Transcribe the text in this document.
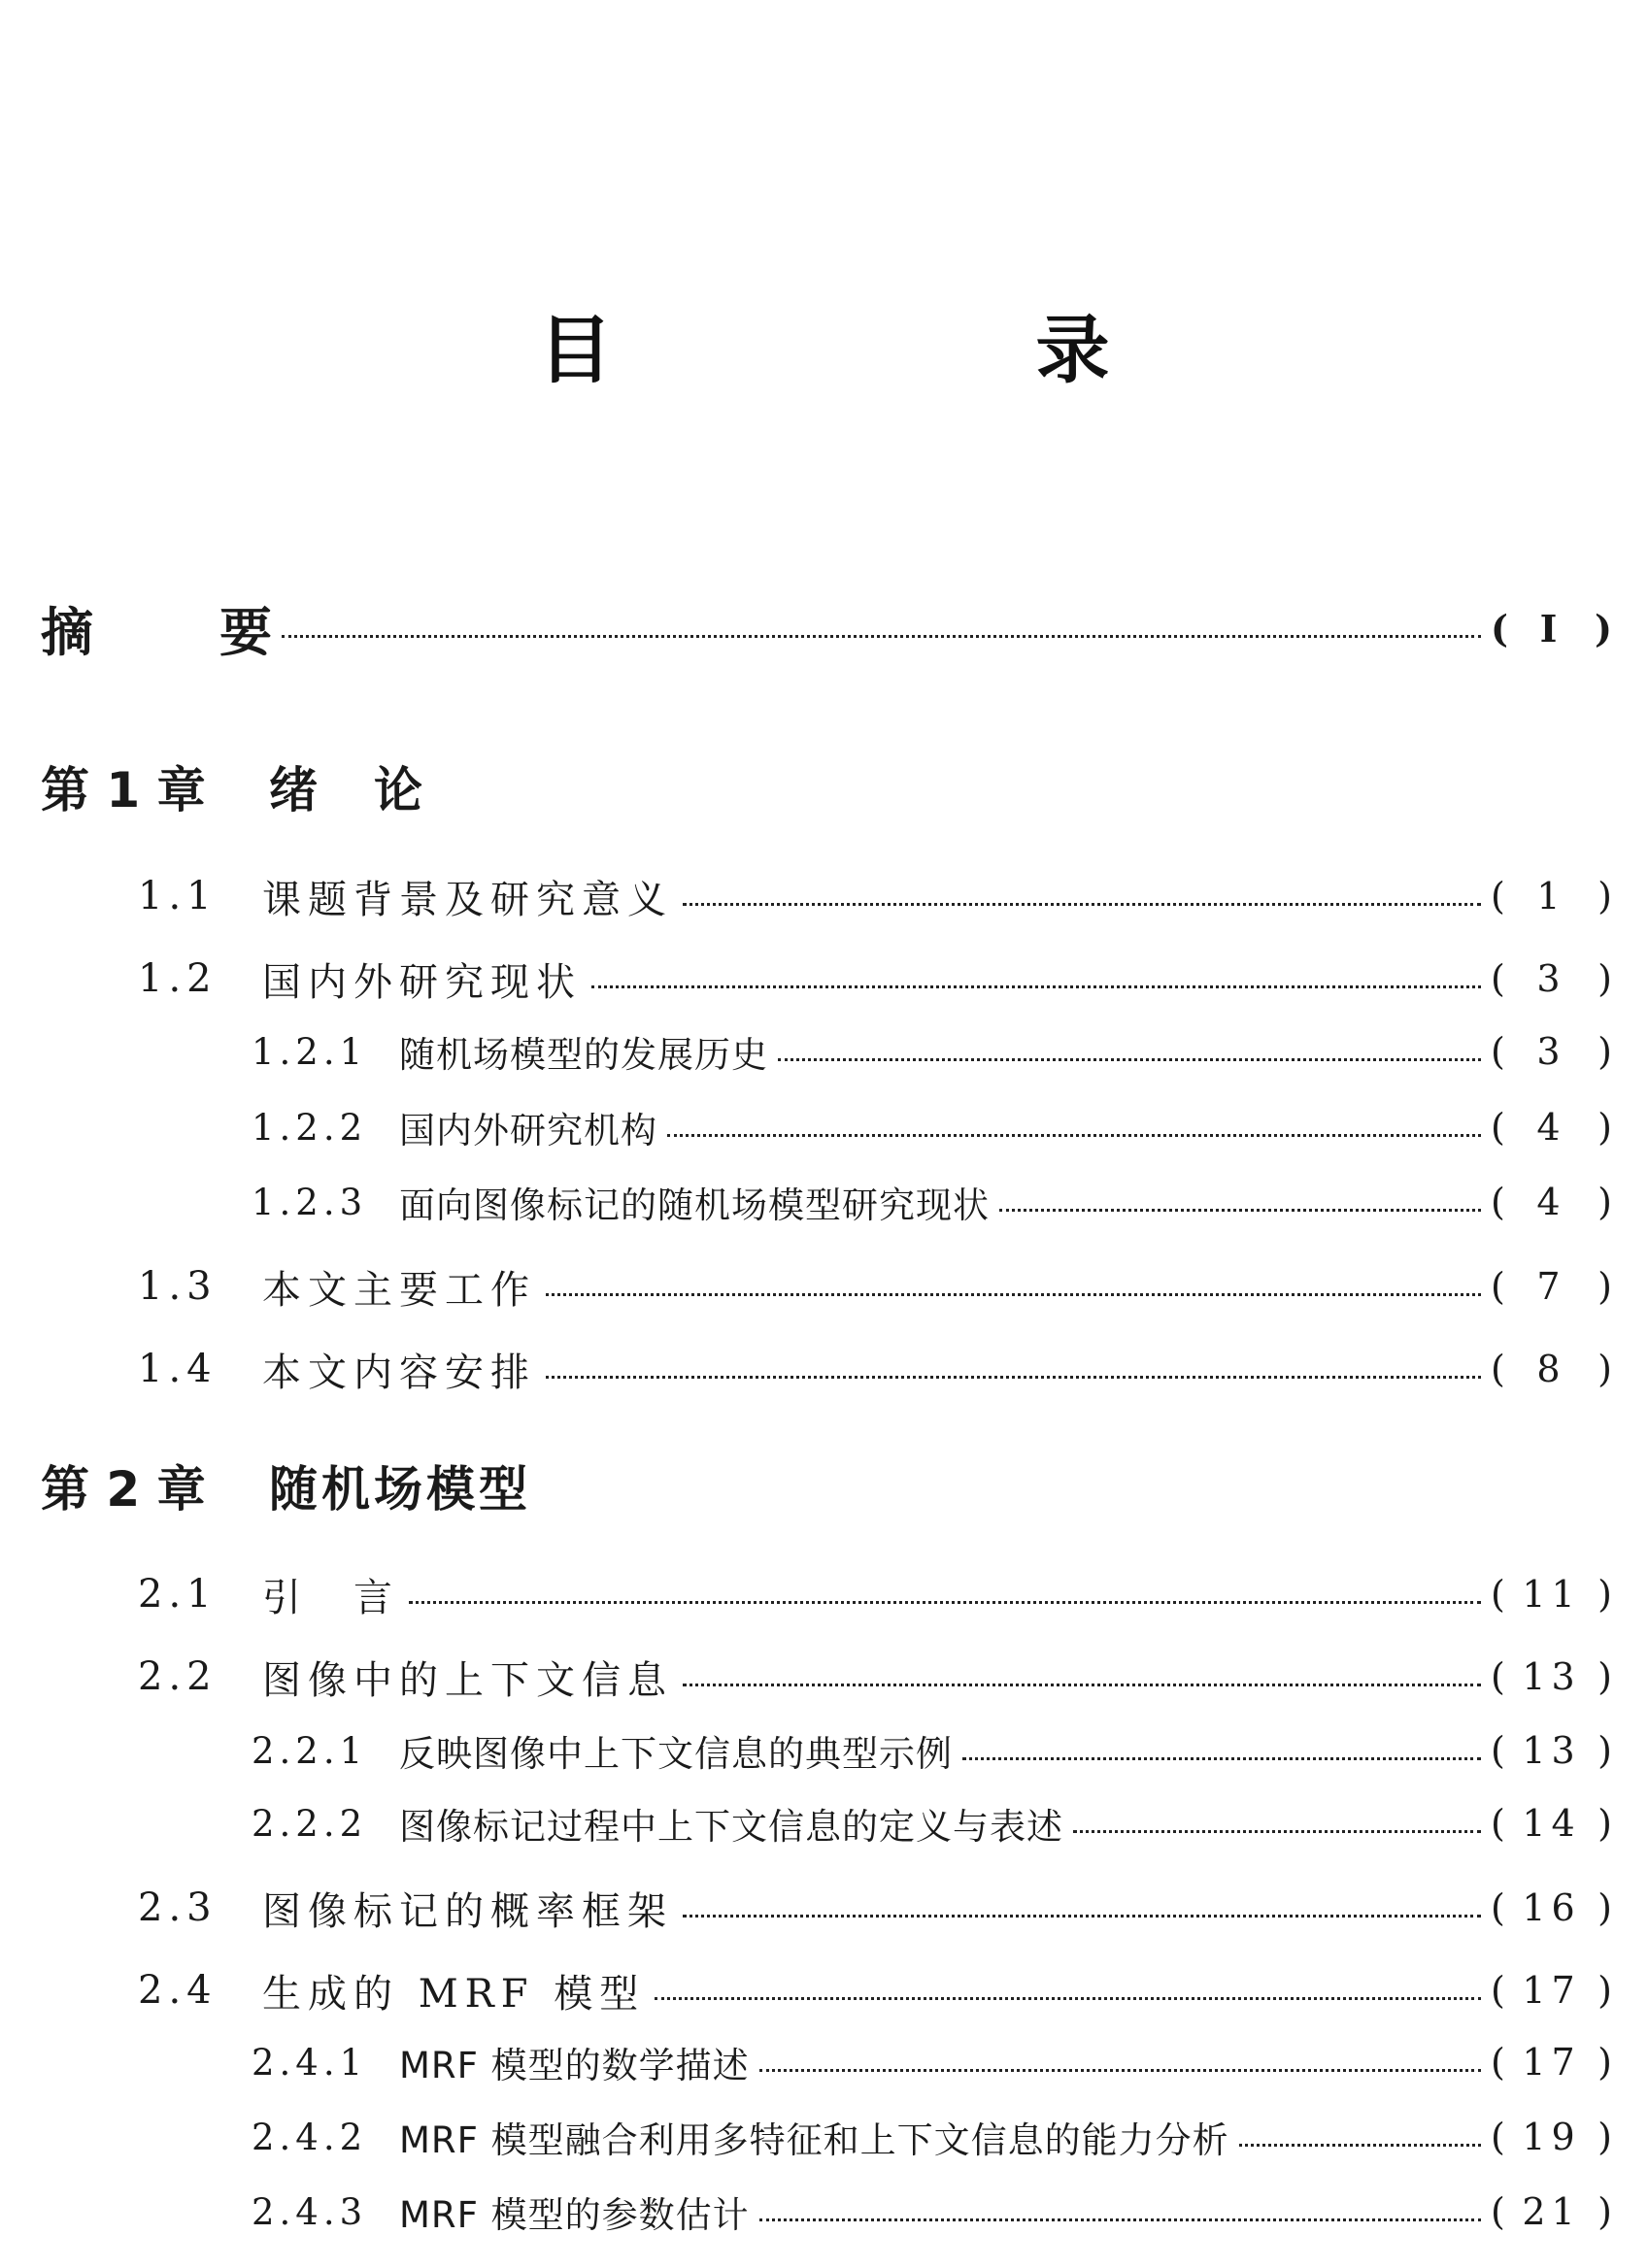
目　录
摘要	( Ⅰ )
第 1 章	绪　论
1.1	课题背景及研究意义	( 1 )
1.2	国内外研究现状	( 3 )
1.2.1 随机场模型的发展历史	( 3 )
1.2.2 国内外研究机构	( 4 )
1.2.3 面向图像标记的随机场模型研究现状	( 4 )
1.3	本文主要工作	( 7 )
1.4	本文内容安排	( 8 )
第 2 章	随机场模型
2.1	引　言	( 11 )
2.2	图像中的上下文信息	( 13 )
2.2.1 反映图像中上下文信息的典型示例	( 13 )
2.2.2 图像标记过程中上下文信息的定义与表述	( 14 )
2.3	图像标记的概率框架	( 16 )
2.4	生成的 MRF 模型	( 17 )
2.4.1 MRF 模型的数学描述	( 17 )
2.4.2 MRF 模型融合利用多特征和上下文信息的能力分析	( 19 )
2.4.3 MRF 模型的参数估计	( 21 )
